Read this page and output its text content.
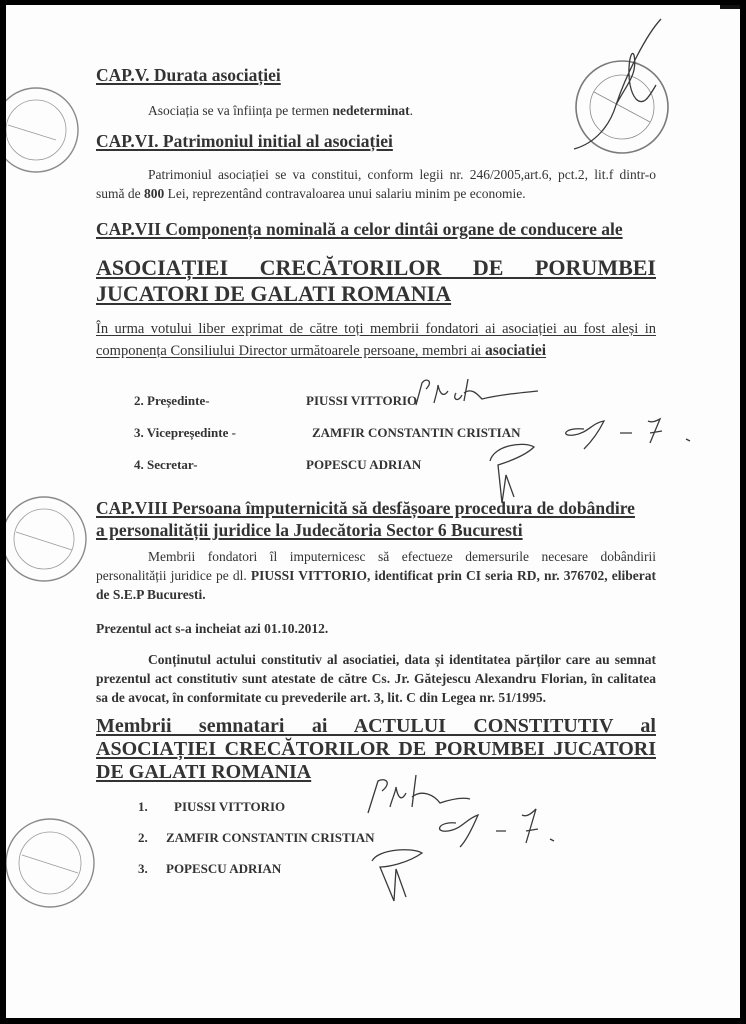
CAP.V. Durata asociației
Asociația se va înființa pe termen nedeterminat.
CAP.VI. Patrimoniul initial al asociației
Patrimoniul asociației se va constitui, conform legii nr. 246/2005,art.6, pct.2, lit.f dintr-o sumă de 800 Lei, reprezentând contravaloarea unui salariu minim pe economie.
CAP.VII Componența nominală a celor dintâi organe de conducere ale
ASOCIAȚIEI CRECĂTORILOR DE PORUMBEI JUCATORI DE GALATI ROMANIA
În urma votului liber exprimat de către toți membrii fondatori ai asociației au fost aleși in componența Consiliului Director următoarele persoane, membri ai asociatiei
2. Președinte-	PIUSSI VITTORIO
3. Vicepreședinte -	ZAMFIR CONSTANTIN CRISTIAN
4. Secretar-	POPESCU ADRIAN
CAP.VIII Persoana împuternicită să desfășoare procedura de dobândire
a personalității juridice la Judecătoria Sector 6 Bucuresti
Membrii fondatori îl imputernicesc să efectueze demersurile necesare dobândirii personalității juridice pe dl. PIUSSI VITTORIO, identificat prin CI seria RD, nr. 376702, eliberat de S.E.P Bucuresti.
Prezentul act s-a incheiat azi 01.10.2012.
Conținutul actului constitutiv al asociatiei, data și identitatea părților care au semnat prezentul act constitutiv sunt atestate de către Cs. Jr. Gătejescu Alexandru Florian, în calitatea sa de avocat, în conformitate cu prevederile art. 3, lit. C din Legea nr. 51/1995.
Membrii semnatari ai ACTULUI CONSTITUTIV al ASOCIAȚIEI CRECĂTORILOR DE PORUMBEI JUCATORI DE GALATI ROMANIA
1. PIUSSI VITTORIO
2. ZAMFIR CONSTANTIN CRISTIAN
3. POPESCU ADRIAN
